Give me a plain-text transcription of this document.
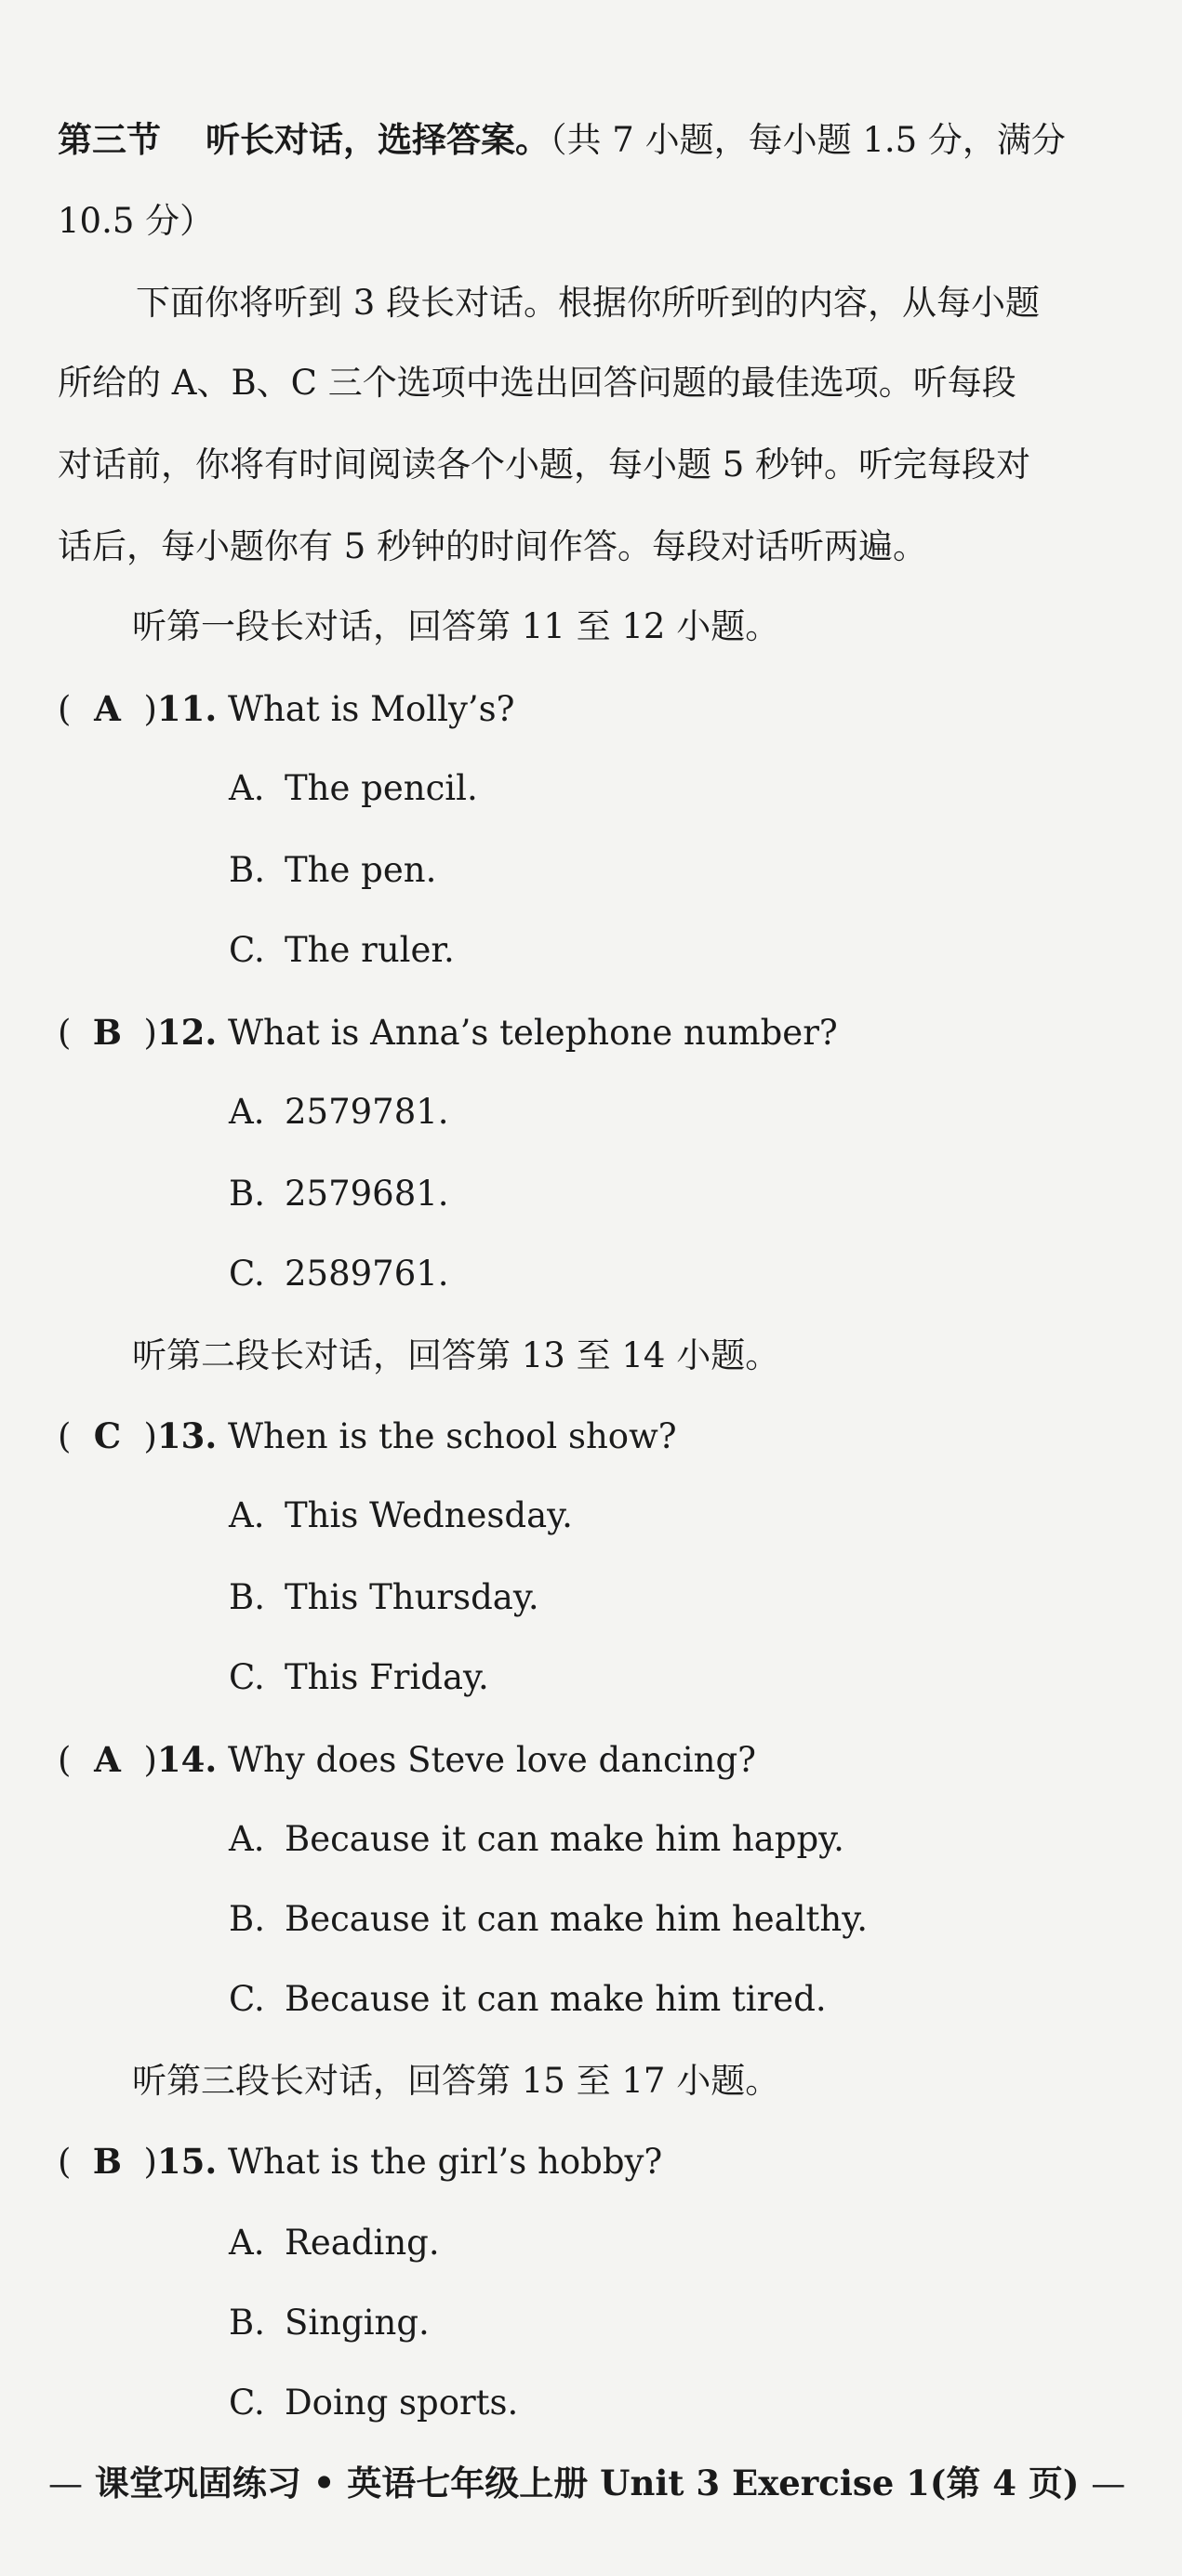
第三节 听长对话，选择答案。（共 7 小题，每小题 1.5 分，满分
10.5 分）
下面你将听到 3 段长对话。根据你所听到的内容，从每小题
所给的 A、B、C 三个选项中选出回答问题的最佳选项。听每段
对话前，你将有时间阅读各个小题，每小题 5 秒钟。听完每段对
话后，每小题你有 5 秒钟的时间作答。每段对话听两遍。
听第一段长对话，回答第 11 至 12 小题。
( A )11. What is Molly’s?
A. The pencil.
B. The pen.
C. The ruler.
( B )12. What is Anna’s telephone number?
A. 2579781.
B. 2579681.
C. 2589761.
听第二段长对话，回答第 13 至 14 小题。
( C )13. When is the school show?
A. This Wednesday.
B. This Thursday.
C. This Friday.
( A )14. Why does Steve love dancing?
A. Because it can make him happy.
B. Because it can make him healthy.
C. Because it can make him tired.
听第三段长对话，回答第 15 至 17 小题。
( B )15. What is the girl’s hobby?
A. Reading.
B. Singing.
C. Doing sports.
— 课堂巩固练习 • 英语七年级上册 Unit 3 Exercise 1(第 4 页) —
